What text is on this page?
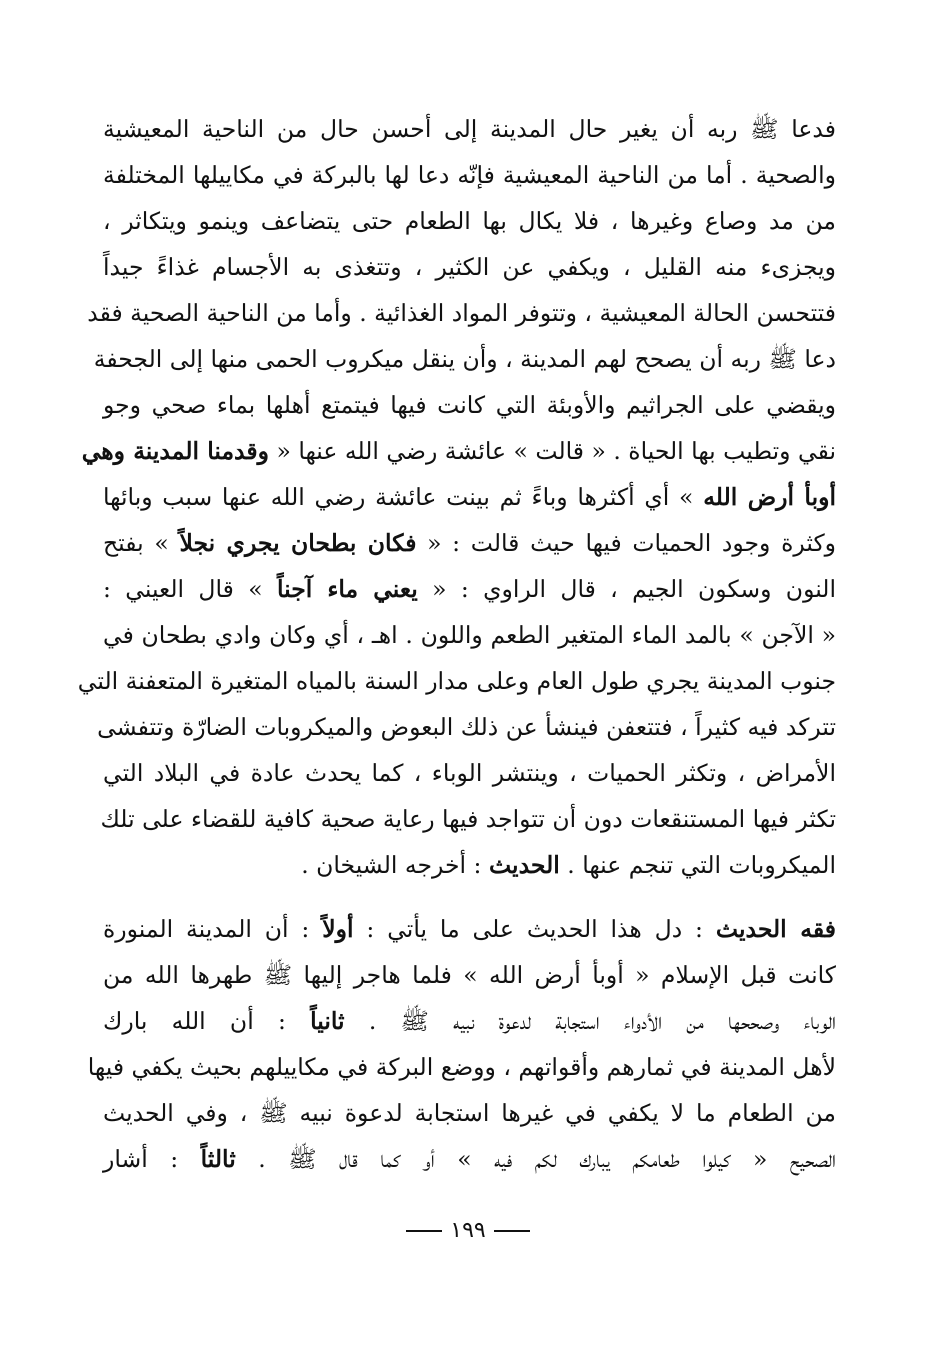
فدعا ﷺ ربه أن يغير حال المدينة إلى أحسن حال من الناحية المعيشية
والصحية . أما من الناحية المعيشية فإنّه دعا لها بالبركة في مكاييلها المختلفة
من مد وصاع وغيرها ، فلا يكال بها الطعام حتى يتضاعف وينمو ويتكاثر ،
ويجزىء منه القليل ، ويكفي عن الكثير ، وتتغذى به الأجسام غذاءً جيداً
فتتحسن الحالة المعيشية ، وتتوفر المواد الغذائية . وأما من الناحية الصحية فقد
دعا ﷺ ربه أن يصحح لهم المدينة ، وأن ينقل ميكروب الحمى منها إلى الجحفة
ويقضي على الجراثيم والأوبئة التي كانت فيها فيتمتع أهلها بماء صحي وجو
نقي وتطيب بها الحياة . « قالت » عائشة رضي الله عنها « وقدمنا المدينة وهي
أوبأ أرض الله » أي أكثرها وباءً ثم بينت عائشة رضي الله عنها سبب وبائها
وكثرة وجود الحميات فيها حيث قالت : « فكان بطحان يجري نجلاً » بفتح
النون وسكون الجيم ، قال الراوي : « يعني ماء آجناً » قال العيني :
« الآجن » بالمد الماء المتغير الطعم واللون . اهـ ، أي وكان وادي بطحان في
جنوب المدينة يجري طول العام وعلى مدار السنة بالمياه المتغيرة المتعفنة التي
تتركد فيه كثيراً ، فتتعفن فينشأ عن ذلك البعوض والميكروبات الضارّة وتتفشى
الأمراض ، وتكثر الحميات ، وينتشر الوباء ، كما يحدث عادة في البلاد التي
تكثر فيها المستنقعات دون أن تتواجد فيها رعاية صحية كافية للقضاء على تلك
الميكروبات التي تنجم عنها . الحديث : أخرجه الشيخان .

فقه الحديث : دل هذا الحديث على ما يأتي : أولاً : أن المدينة المنورة
كانت قبل الإسلام « أوبأ أرض الله » فلما هاجر إليها ﷺ طهرها الله من
الوباء وصححها من الأدواء استجابة لدعوة نبيه ﷺ . ثانياً : أن الله بارك
لأهل المدينة في ثمارهم وأقواتهم ، ووضع البركة في مكاييلهم بحيث يكفي فيها
من الطعام ما لا يكفي في غيرها استجابة لدعوة نبيه ﷺ ، وفي الحديث
الصحيح « كيلوا طعامكم يبارك لكم فيه » أو كما قال ﷺ . ثالثاً : أشار

١٩٩
